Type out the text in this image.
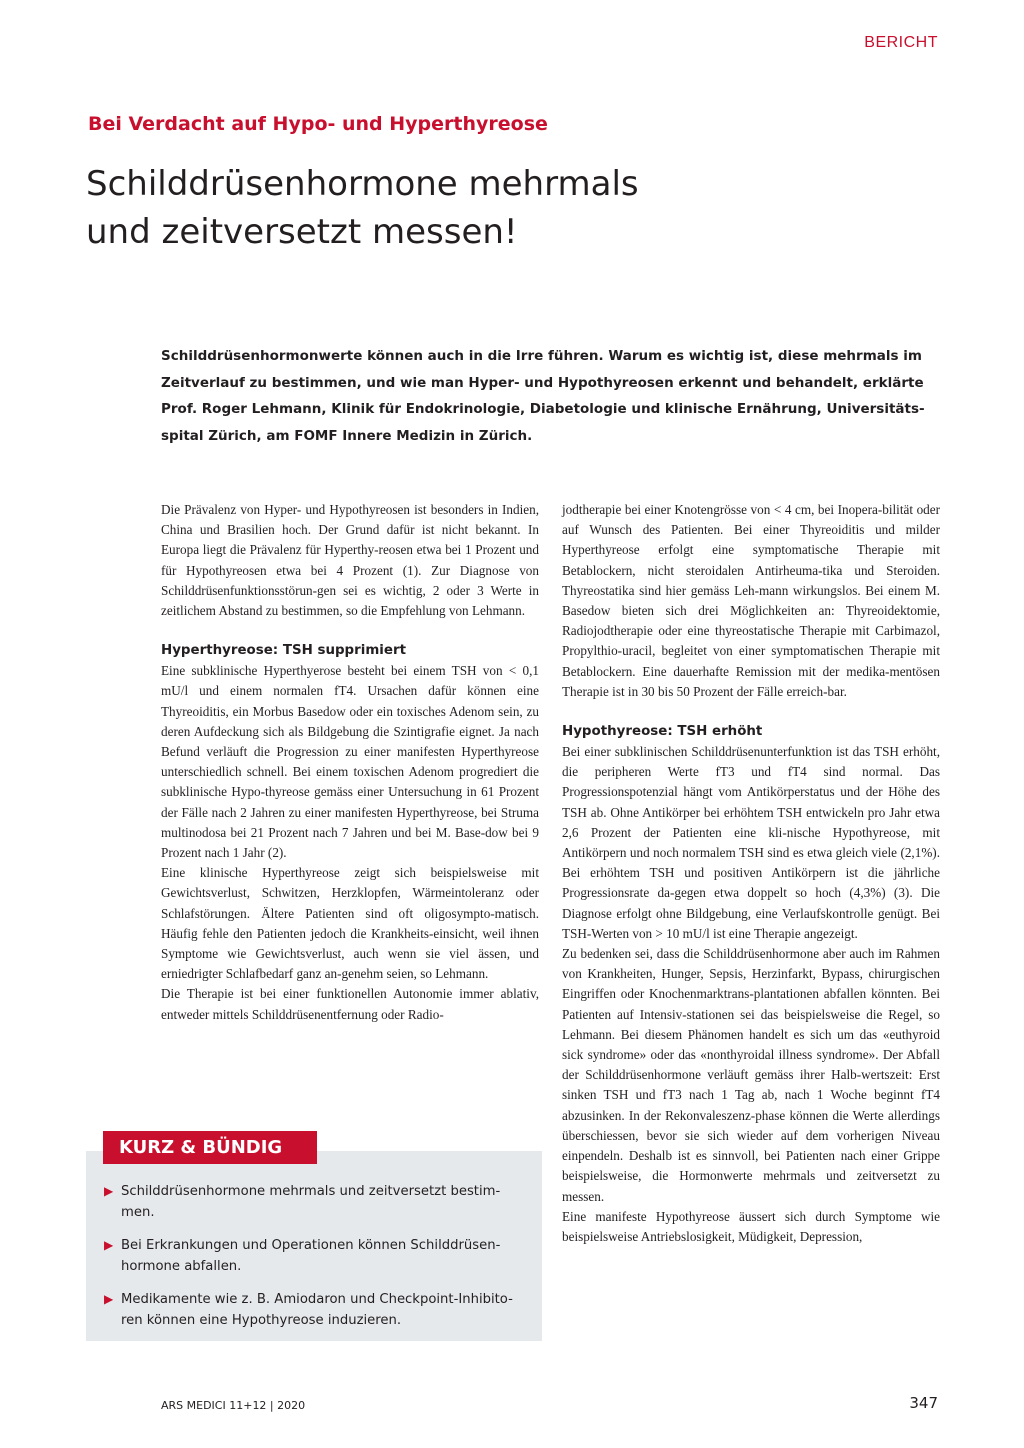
BERICHT
Bei Verdacht auf Hypo- und Hyperthyreose
Schilddrüsenhormone mehrmals
und zeitversetzt messen!

Schilddrüsenhormonwerte können auch in die Irre führen. Warum es wichtig ist, diese mehrmals im Zeitverlauf zu bestimmen, und wie man Hyper- und Hypothyreosen erkennt und behandelt, erklärte Prof. Roger Lehmann, Klinik für Endokrinologie, Diabetologie und klinische Ernährung, Universitäts-spital Zürich, am FOMF Innere Medizin in Zürich.

Die Prävalenz von Hyper- und Hypothyreosen ist besonders in Indien, China und Brasilien hoch. Der Grund dafür ist nicht bekannt. In Europa liegt die Prävalenz für Hyperthy-reosen etwa bei 1 Prozent und für Hypothyreosen etwa bei 4 Prozent (1). Zur Diagnose von Schilddrüsenfunktionsstörun-gen sei es wichtig, 2 oder 3 Werte in zeitlichem Abstand zu bestimmen, so die Empfehlung von Lehmann.

Hyperthyreose: TSH supprimiert

Eine subklinische Hyperthyerose besteht bei einem TSH von < 0,1 mU/l und einem normalen fT4. Ursachen dafür können eine Thyreoiditis, ein Morbus Basedow oder ein toxisches Adenom sein, zu deren Aufdeckung sich als Bildgebung die Szintigrafie eignet. Ja nach Befund verläuft die Progression zu einer manifesten Hyperthyreose unterschiedlich schnell. Bei einem toxischen Adenom progrediert die subklinische Hypo-thyreose gemäss einer Untersuchung in 61 Prozent der Fälle nach 2 Jahren zu einer manifesten Hyperthyreose, bei Struma multinodosa bei 21 Prozent nach 7 Jahren und bei M. Base-dow bei 9 Prozent nach 1 Jahr (2).

Eine klinische Hyperthyreose zeigt sich beispielsweise mit Gewichtsverlust, Schwitzen, Herzklopfen, Wärmeintoleranz oder Schlafstörungen. Ältere Patienten sind oft oligosympto-matisch. Häufig fehle den Patienten jedoch die Krankheits-einsicht, weil ihnen Symptome wie Gewichtsverlust, auch wenn sie viel ässen, und erniedrigter Schlafbedarf ganz an-genehm seien, so Lehmann.

Die Therapie ist bei einer funktionellen Autonomie immer ablativ, entweder mittels Schilddrüsenentfernung oder Radio-

jodtherapie bei einer Knotengrösse von < 4 cm, bei Inopera-bilität oder auf Wunsch des Patienten. Bei einer Thyreoiditis und milder Hyperthyreose erfolgt eine symptomatische Therapie mit Betablockern, nicht steroidalen Antirheuma-tika und Steroiden. Thyreostatika sind hier gemäss Leh-mann wirkungslos. Bei einem M. Basedow bieten sich drei Möglichkeiten an: Thyreoidektomie, Radiojodtherapie oder eine thyreostatische Therapie mit Carbimazol, Propylthio-uracil, begleitet von einer symptomatischen Therapie mit Betablockern. Eine dauerhafte Remission mit der medika-mentösen Therapie ist in 30 bis 50 Prozent der Fälle erreich-bar.

Hypothyreose: TSH erhöht

Bei einer subklinischen Schilddrüsenunterfunktion ist das TSH erhöht, die peripheren Werte fT3 und fT4 sind normal. Das Progressionspotenzial hängt vom Antikörperstatus und der Höhe des TSH ab. Ohne Antikörper bei erhöhtem TSH entwickeln pro Jahr etwa 2,6 Prozent der Patienten eine kli-nische Hypothyreose, mit Antikörpern und noch normalem TSH sind es etwa gleich viele (2,1%). Bei erhöhtem TSH und positiven Antikörpern ist die jährliche Progressionsrate da-gegen etwa doppelt so hoch (4,3%) (3). Die Diagnose erfolgt ohne Bildgebung, eine Verlaufskontrolle genügt. Bei TSH-Werten von > 10 mU/l ist eine Therapie angezeigt.

Zu bedenken sei, dass die Schilddrüsenhormone aber auch im Rahmen von Krankheiten, Hunger, Sepsis, Herzinfarkt, Bypass, chirurgischen Eingriffen oder Knochenmarktrans-plantationen abfallen könnten. Bei Patienten auf Intensiv-stationen sei das beispielsweise die Regel, so Lehmann. Bei diesem Phänomen handelt es sich um das «euthyroid sick syndrome» oder das «nonthyroidal illness syndrome». Der Abfall der Schilddrüsenhormone verläuft gemäss ihrer Halb-wertszeit: Erst sinken TSH und fT3 nach 1 Tag ab, nach 1 Woche beginnt fT4 abzusinken. In der Rekonvaleszenz-phase können die Werte allerdings überschiessen, bevor sie sich wieder auf dem vorherigen Niveau einpendeln. Deshalb ist es sinnvoll, bei Patienten nach einer Grippe beispielsweise, die Hormonwerte mehrmals und zeitversetzt zu messen.

Eine manifeste Hypothyreose äussert sich durch Symptome wie beispielsweise Antriebslosigkeit, Müdigkeit, Depression,

▶ Schilddrüsenhormone mehrmals und zeitversetzt bestim-men.
▶ Bei Erkrankungen und Operationen können Schilddrüsen-hormone abfallen.
▶ Medikamente wie z. B. Amiodaron und Checkpoint-Inhibito-ren können eine Hypothyreose induzieren.
KURZ & BÜNDIG
ARS MEDICI 11+12 | 2020	347
